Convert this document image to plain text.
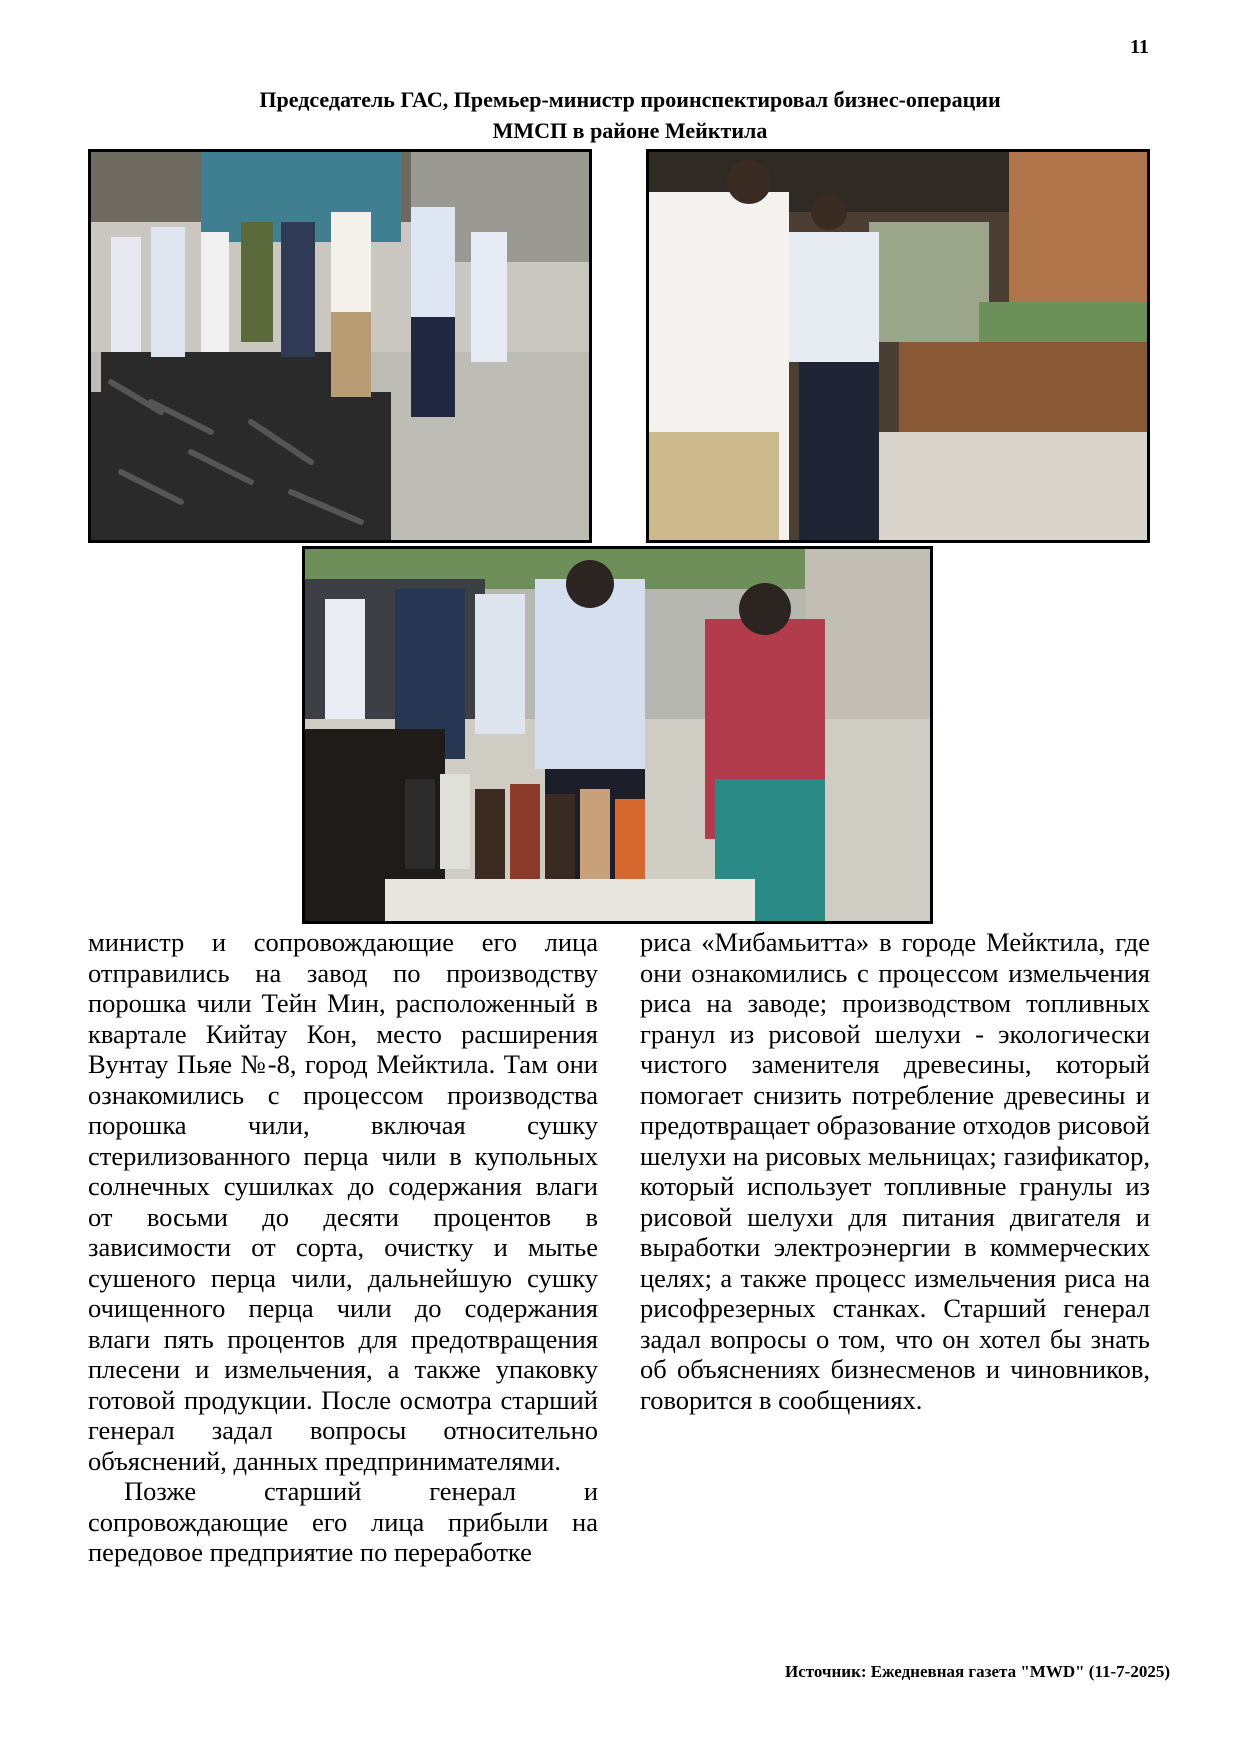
11
Председатель ГАС, Премьер-министр проинспектировал бизнес-операции
ММСП в районе Мейктила

министр и сопровождающие его лица отправились на завод по производству порошка чили Тейн Мин, расположенный в квартале Кийтау Кон, место расширения Вунтау Пьяе №-8, город Мейктила. Там они ознакомились с процессом производства порошка чили, включая сушку стерилизованного перца чили в купольных солнечных сушилках до содержания влаги от восьми до десяти процентов в зависимости от сорта, очистку и мытье сушеного перца чили, дальнейшую сушку очищенного перца чили до содержания влаги пять процентов для предотвращения плесени и измельчения, а также упаковку готовой продукции. После осмотра старший генерал задал вопросы относительно объяснений, данных предпринимателями.

Позже старший генерал и сопровождающие его лица прибыли на передовое предприятие по переработке

риса «Мибамьитта» в городе Мейктила, где они ознакомились с процессом измельчения риса на заводе; производством топливных гранул из рисовой шелухи - экологически чистого заменителя древесины, который помогает снизить потребление древесины и предотвращает образование отходов рисовой шелухи на рисовых мельницах; газификатор, который использует топливные гранулы из рисовой шелухи для питания двигателя и выработки электроэнергии в коммерческих целях; а также процесс измельчения риса на рисофрезерных станках. Старший генерал задал вопросы о том, что он хотел бы знать об объяснениях бизнесменов и чиновников, говорится в сообщениях.

Источник: Ежедневная газета "MWD" (11-7-2025)
